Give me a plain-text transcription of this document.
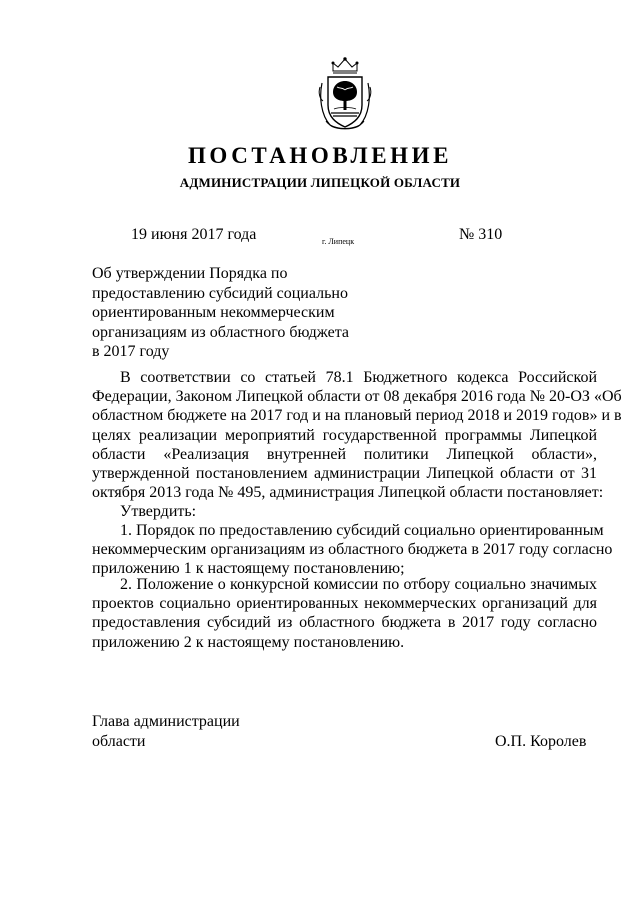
ПОСТАНОВЛЕНИЕ
АДМИНИСТРАЦИИ ЛИПЕЦКОЙ ОБЛАСТИ
19 июня 2017 года	г. Липецк	№ 310
Об утверждении Порядка по
предоставлению субсидий социально
ориентированным некоммерческим
организациям из областного бюджета
в 2017 году
В соответствии со статьей 78.1 Бюджетного кодекса Российской
Федерации, Законом Липецкой области от 08 декабря 2016 года № 20-ОЗ «Об
областном бюджете на 2017 год и на плановый период 2018 и 2019 годов» и в
целях реализации мероприятий государственной программы Липецкой
области «Реализация внутренней политики Липецкой области»,
утвержденной постановлением администрации Липецкой области от 31
октября 2013 года № 495, администрация Липецкой области постановляет:
Утвердить:
1. Порядок по предоставлению субсидий социально ориентированным
некоммерческим организациям из областного бюджета в 2017 году согласно
приложению 1 к настоящему постановлению;
2. Положение о конкурсной комиссии по отбору социально значимых
проектов социально ориентированных некоммерческих организаций для
предоставления субсидий из областного бюджета в 2017 году согласно
приложению 2 к настоящему постановлению.
Глава администрации
области	О.П. Королев
